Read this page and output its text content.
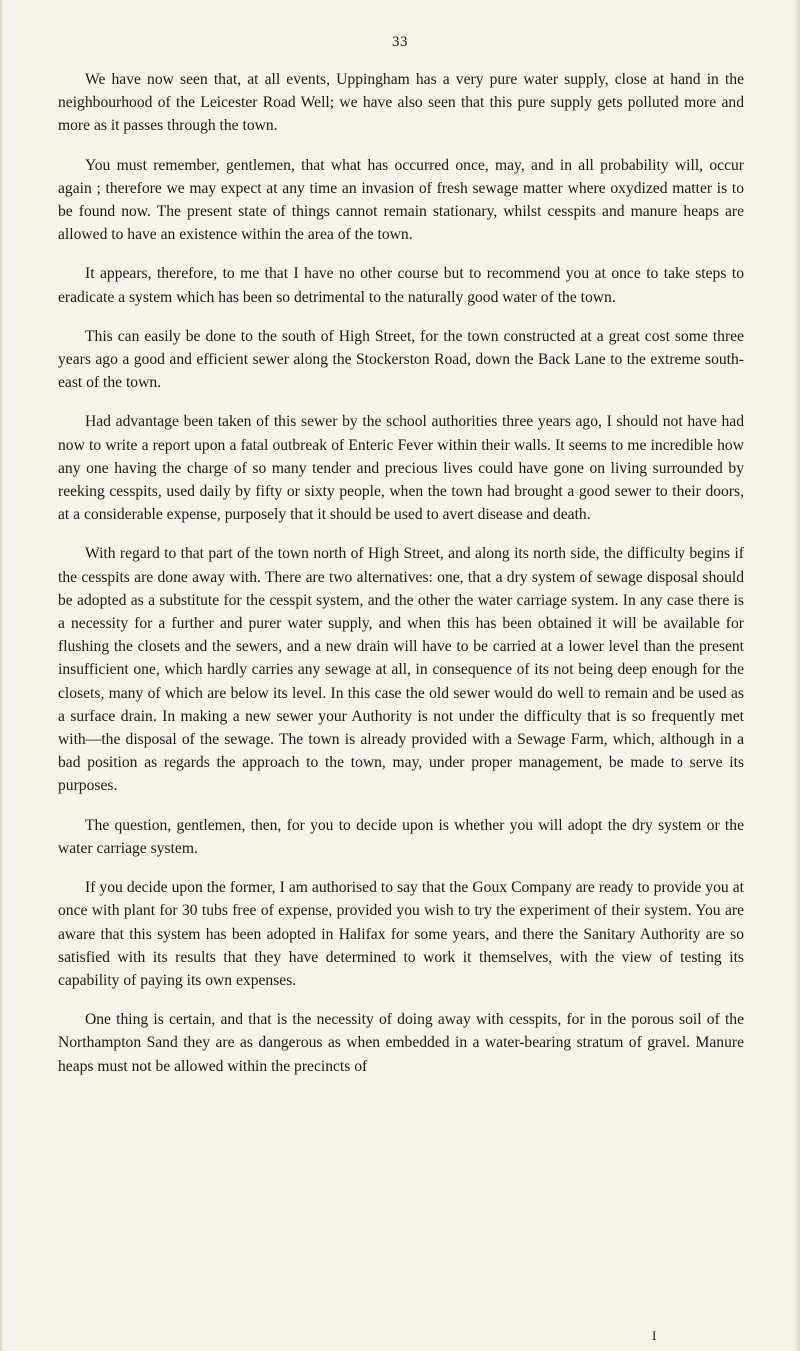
33

We have now seen that, at all events, Uppingham has a very pure water supply, close at hand in the neighbourhood of the Leicester Road Well; we have also seen that this pure supply gets polluted more and more as it passes through the town.

You must remember, gentlemen, that what has occurred once, may, and in all probability will, occur again ; therefore we may expect at any time an invasion of fresh sewage matter where oxydized matter is to be found now. The present state of things cannot remain stationary, whilst cesspits and manure heaps are allowed to have an existence within the area of the town.

It appears, therefore, to me that I have no other course but to recommend you at once to take steps to eradicate a system which has been so detrimental to the naturally good water of the town.

This can easily be done to the south of High Street, for the town constructed at a great cost some three years ago a good and efficient sewer along the Stockerston Road, down the Back Lane to the extreme south-east of the town.

Had advantage been taken of this sewer by the school authorities three years ago, I should not have had now to write a report upon a fatal outbreak of Enteric Fever within their walls. It seems to me incredible how any one having the charge of so many tender and precious lives could have gone on living surrounded by reeking cesspits, used daily by fifty or sixty people, when the town had brought a good sewer to their doors, at a considerable expense, purposely that it should be used to avert disease and death.

With regard to that part of the town north of High Street, and along its north side, the difficulty begins if the cesspits are done away with. There are two alternatives: one, that a dry system of sewage disposal should be adopted as a substitute for the cesspit system, and the other the water carriage system. In any case there is a necessity for a further and purer water supply, and when this has been obtained it will be available for flushing the closets and the sewers, and a new drain will have to be carried at a lower level than the present insufficient one, which hardly carries any sewage at all, in consequence of its not being deep enough for the closets, many of which are below its level. In this case the old sewer would do well to remain and be used as a surface drain. In making a new sewer your Authority is not under the difficulty that is so frequently met with—the disposal of the sewage. The town is already provided with a Sewage Farm, which, although in a bad position as regards the approach to the town, may, under proper management, be made to serve its purposes.

The question, gentlemen, then, for you to decide upon is whether you will adopt the dry system or the water carriage system.

If you decide upon the former, I am authorised to say that the Goux Company are ready to provide you at once with plant for 30 tubs free of expense, provided you wish to try the experiment of their system. You are aware that this system has been adopted in Halifax for some years, and there the Sanitary Authority are so satisfied with its results that they have determined to work it themselves, with the view of testing its capability of paying its own expenses.

One thing is certain, and that is the necessity of doing away with cesspits, for in the porous soil of the Northampton Sand they are as dangerous as when embedded in a water-bearing stratum of gravel. Manure heaps must not be allowed within the precincts of

I
